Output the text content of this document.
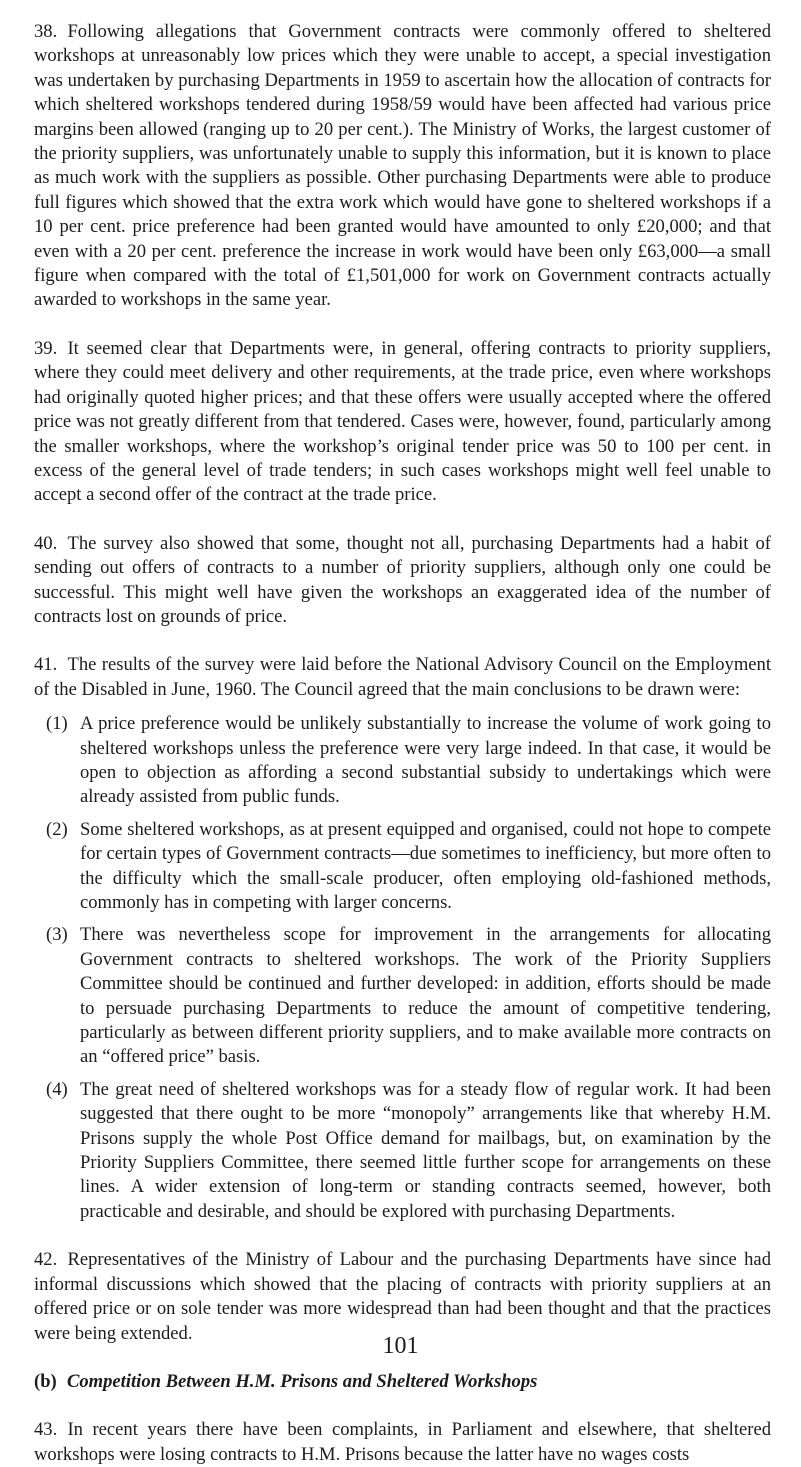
38. Following allegations that Government contracts were commonly offered to sheltered workshops at unreasonably low prices which they were unable to accept, a special investigation was undertaken by purchasing Departments in 1959 to ascertain how the allocation of contracts for which sheltered workshops tendered during 1958/59 would have been affected had various price margins been allowed (ranging up to 20 per cent.). The Ministry of Works, the largest customer of the priority suppliers, was unfortunately unable to supply this information, but it is known to place as much work with the suppliers as possible. Other purchasing Departments were able to produce full figures which showed that the extra work which would have gone to sheltered workshops if a 10 per cent. price preference had been granted would have amounted to only £20,000; and that even with a 20 per cent. preference the increase in work would have been only £63,000—a small figure when compared with the total of £1,501,000 for work on Government contracts actually awarded to workshops in the same year.

39. It seemed clear that Departments were, in general, offering contracts to priority suppliers, where they could meet delivery and other requirements, at the trade price, even where workshops had originally quoted higher prices; and that these offers were usually accepted where the offered price was not greatly different from that tendered. Cases were, however, found, particularly among the smaller workshops, where the workshop’s original tender price was 50 to 100 per cent. in excess of the general level of trade tenders; in such cases workshops might well feel unable to accept a second offer of the contract at the trade price.

40. The survey also showed that some, thought not all, purchasing Departments had a habit of sending out offers of contracts to a number of priority suppliers, although only one could be successful. This might well have given the workshops an exaggerated idea of the number of contracts lost on grounds of price.

41. The results of the survey were laid before the National Advisory Council on the Employment of the Disabled in June, 1960. The Council agreed that the main conclusions to be drawn were:

(1) A price preference would be unlikely substantially to increase the volume of work going to sheltered workshops unless the preference were very large indeed. In that case, it would be open to objection as affording a second substantial subsidy to undertakings which were already assisted from public funds.
(2) Some sheltered workshops, as at present equipped and organised, could not hope to compete for certain types of Government contracts—due sometimes to inefficiency, but more often to the difficulty which the small-scale producer, often employing old-fashioned methods, commonly has in competing with larger concerns.
(3) There was nevertheless scope for improvement in the arrangements for allocating Government contracts to sheltered workshops. The work of the Priority Suppliers Committee should be continued and further developed: in addition, efforts should be made to persuade purchasing Departments to reduce the amount of competitive tendering, particularly as between different priority suppliers, and to make available more contracts on an “offered price” basis.
(4) The great need of sheltered workshops was for a steady flow of regular work. It had been suggested that there ought to be more “monopoly” arrangements like that whereby H.M. Prisons supply the whole Post Office demand for mailbags, but, on examination by the Priority Suppliers Committee, there seemed little further scope for arrangements on these lines. A wider extension of long-term or standing contracts seemed, however, both practicable and desirable, and should be explored with purchasing Departments.

42. Representatives of the Ministry of Labour and the purchasing Departments have since had informal discussions which showed that the placing of contracts with priority suppliers at an offered price or on sole tender was more widespread than had been thought and that the practices were being extended.

(b) Competition Between H.M. Prisons and Sheltered Workshops

43. In recent years there have been complaints, in Parliament and elsewhere, that sheltered workshops were losing contracts to H.M. Prisons because the latter have no wages costs

101
